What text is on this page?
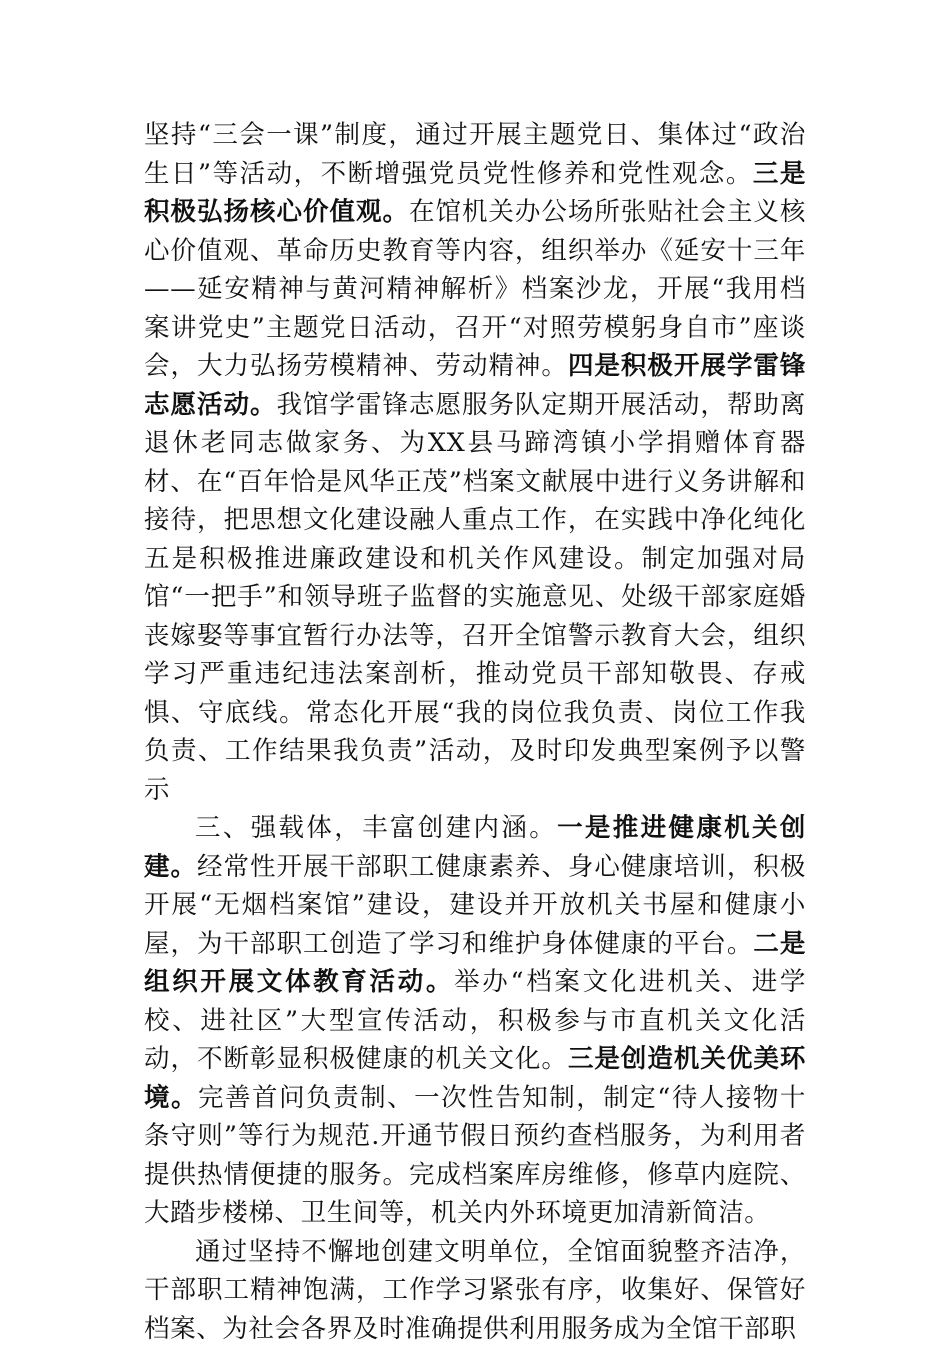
坚持“三会一课”制度，通过开展主题党日、集体过“政治生日”等活动，不断增强党员党性修养和党性观念。三是积极弘扬核心价值观。在馆机关办公场所张贴社会主义核心价值观、革命历史教育等内容，组织举办《延安十三年——延安精神与黄河精神解析》档案沙龙，开展“我用档案讲党史”主题党日活动，召开“对照劳模躬身自市”座谈会，大力弘扬劳模精神、劳动精神。四是积极开展学雷锋志愿活动。我馆学雷锋志愿服务队定期开展活动，帮助离退休老同志做家务、为XX县马蹄湾镇小学捐赠体育器材、在“百年恰是风华正茂”档案文献展中进行义务讲解和接待，把思想文化建设融人重点工作，在实践中净化纯化五是积极推进廉政建设和机关作风建设。制定加强对局馆“一把手”和领导班子监督的实施意见、处级干部家庭婚丧嫁娶等事宜暂行办法等，召开全馆警示教育大会，组织学习严重违纪违法案剖析，推动党员干部知敬畏、存戒惧、守底线。常态化开展“我的岗位我负责、岗位工作我负责、工作结果我负责”活动，及时印发典型案例予以警示

三、强载体，丰富创建内涵。一是推进健康机关创建。经常性开展干部职工健康素养、身心健康培训，积极开展“无烟档案馆”建设，建设并开放机关书屋和健康小屋，为干部职工创造了学习和维护身体健康的平台。二是组织开展文体教育活动。举办“档案文化进机关、进学校、进社区”大型宣传活动，积极参与市直机关文化活动，不断彰显积极健康的机关文化。三是创造机关优美环境。完善首问负责制、一次性告知制，制定“待人接物十条守则”等行为规范.开通节假日预约查档服务，为利用者提供热情便捷的服务。完成档案库房维修，修草内庭院、大踏步楼梯、卫生间等，机关内外环境更加清新简洁。

通过坚持不懈地创建文明单位，全馆面貌整齐洁净，干部职工精神饱满，工作学习紧张有序，收集好、保管好档案、为社会各界及时准确提供利用服务成为全馆干部职
